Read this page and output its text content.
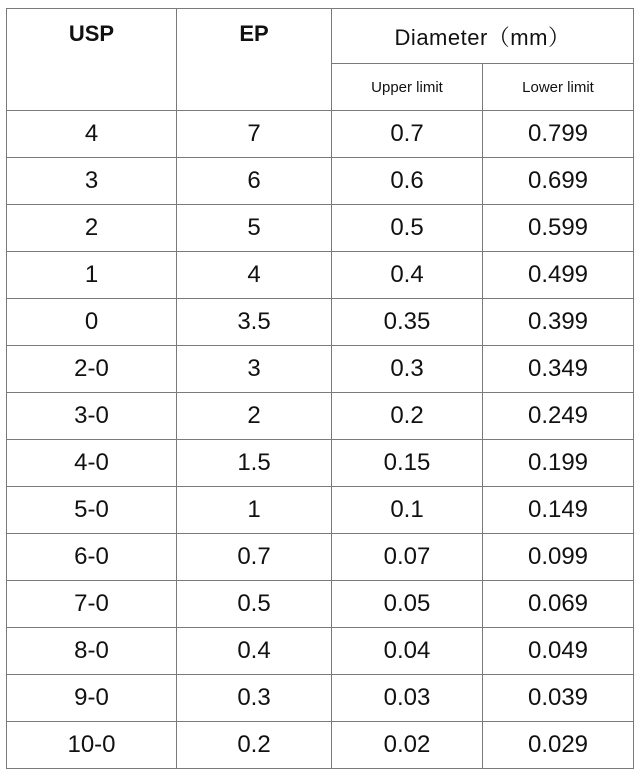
USP	EP	Diameter（mm）	
		Upper limit	Lower limit
4	7	0.7	0.799
3	6	0.6	0.699
2	5	0.5	0.599
1	4	0.4	0.499
0	3.5	0.35	0.399
2-0	3	0.3	0.349
3-0	2	0.2	0.249
4-0	1.5	0.15	0.199
5-0	1	0.1	0.149
6-0	0.7	0.07	0.099
7-0	0.5	0.05	0.069
8-0	0.4	0.04	0.049
9-0	0.3	0.03	0.039
10-0	0.2	0.02	0.029
